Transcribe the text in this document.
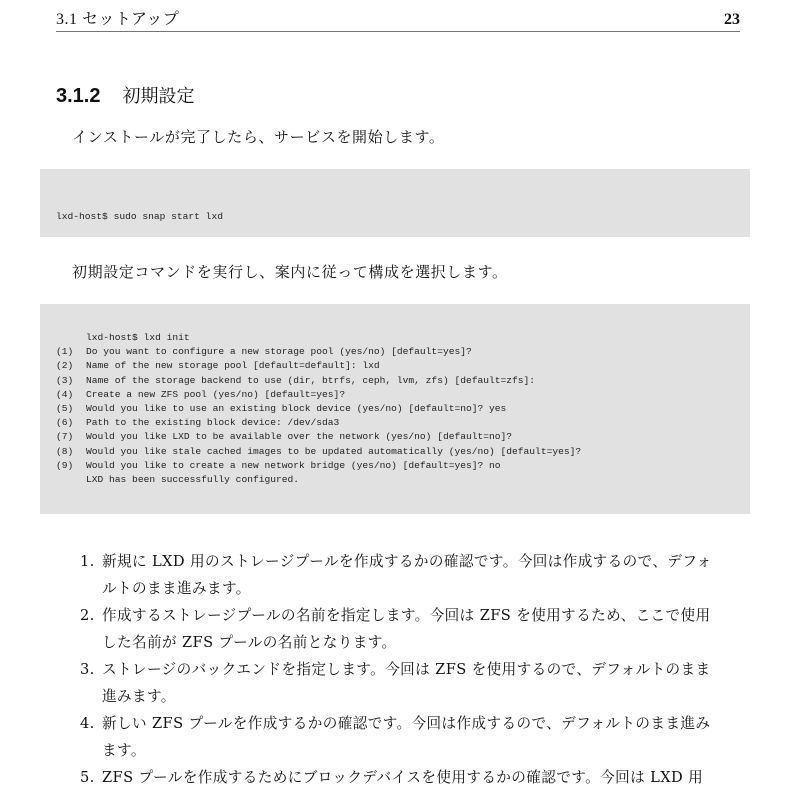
3.1 セットアップ	23
3.1.2 初期設定
インストールが完了したら、サービスを開始します。

lxd-host$ sudo snap start lxd

初期設定コマンドを実行し、案内に従って構成を選択します。
lxd-host$ lxd init
(1) Do you want to configure a new storage pool (yes/no) [default=yes]?
(2) Name of the new storage pool [default=default]: lxd
(3) Name of the storage backend to use (dir, btrfs, ceph, lvm, zfs) [default=zfs]:
(4) Create a new ZFS pool (yes/no) [default=yes]?
(5) Would you like to use an existing block device (yes/no) [default=no]? yes
(6) Path to the existing block device: /dev/sda3
(7) Would you like LXD to be available over the network (yes/no) [default=no]?
(8) Would you like stale cached images to be updated automatically (yes/no) [default=yes]?
(9) Would you like to create a new network bridge (yes/no) [default=yes]? no
LXD has been successfully configured.
1. 新規に LXD 用のストレージプールを作成するかの確認です。今回は作成するので、デフォ
ルトのまま進みます。
2. 作成するストレージプールの名前を指定します。今回は ZFS を使用するため、ここで使用
した名前が ZFS プールの名前となります。
3. ストレージのバックエンドを指定します。今回は ZFS を使用するので、デフォルトのまま
進みます。
4. 新しい ZFS プールを作成するかの確認です。今回は作成するので、デフォルトのまま進み
ます。
5. ZFS プールを作成するためにブロックデバイスを使用するかの確認です。今回は LXD 用
